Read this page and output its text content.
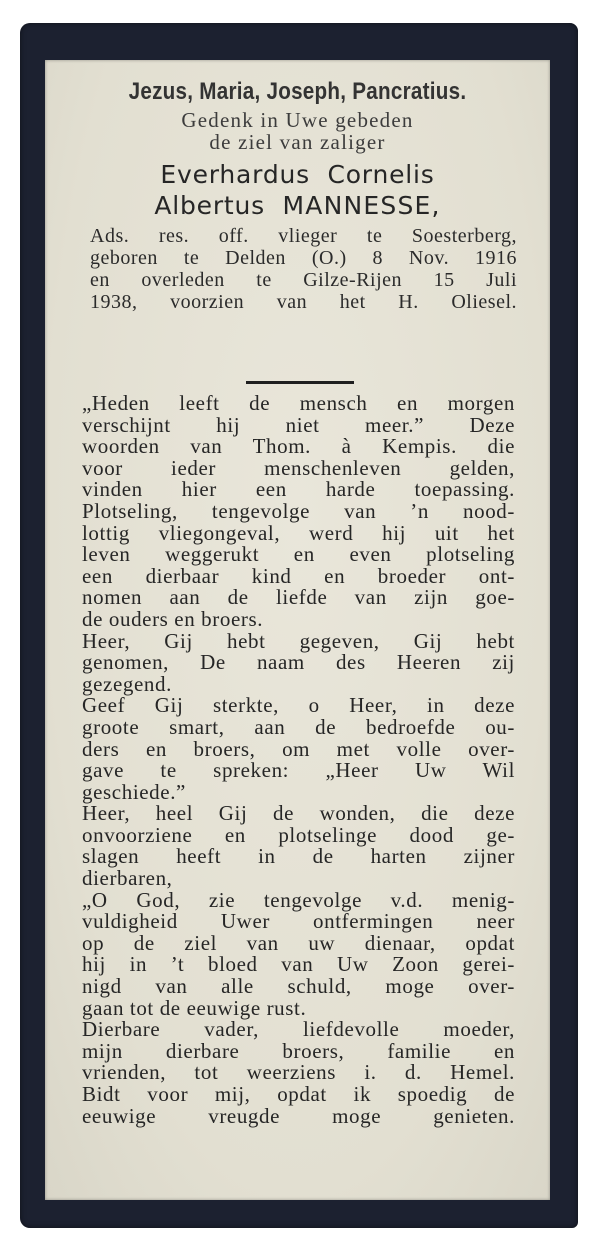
Jezus, Maria, Joseph, Pancratius.
Gedenk in Uwe gebeden
de ziel van zaliger
Everhardus  Cornelis
Albertus MANNESSE,
Ads. res. off. vlieger te Soesterberg,
geboren te Delden (O.) 8 Nov. 1916
en overleden te Gilze-Rijen 15 Juli
1938, voorzien van het H. Oliesel.
„Heden leeft de mensch en morgen
verschijnt hij niet meer.” Deze
woorden van Thom. à Kempis. die
voor ieder menschenleven gelden,
vinden hier een harde toepassing.
Plotseling, tengevolge van ’n nood-
lottig vliegongeval, werd hij uit het
leven weggerukt en even plotseling
een dierbaar kind en broeder ont-
nomen aan de liefde van zijn goe-
de ouders en broers.
Heer, Gij hebt gegeven, Gij hebt
genomen, De naam des Heeren zij
gezegend.
Geef Gij sterkte, o Heer, in deze
groote smart, aan de bedroefde ou-
ders en broers, om met volle over-
gave te spreken: „Heer Uw Wil
geschiede.”
Heer, heel Gij de wonden, die deze
onvoorziene en plotselinge dood ge-
slagen heeft in de harten zijner
dierbaren,
„O God, zie tengevolge v.d. menig-
vuldigheid Uwer ontfermingen neer
op de ziel van uw dienaar, opdat
hij in ’t bloed van Uw Zoon gerei-
nigd van alle schuld, moge over-
gaan tot de eeuwige rust.
Dierbare vader, liefdevolle moeder,
mijn dierbare broers, familie en
vrienden, tot weerziens i. d. Hemel.
Bidt voor mij, opdat ik spoedig de
eeuwige vreugde moge genieten.
